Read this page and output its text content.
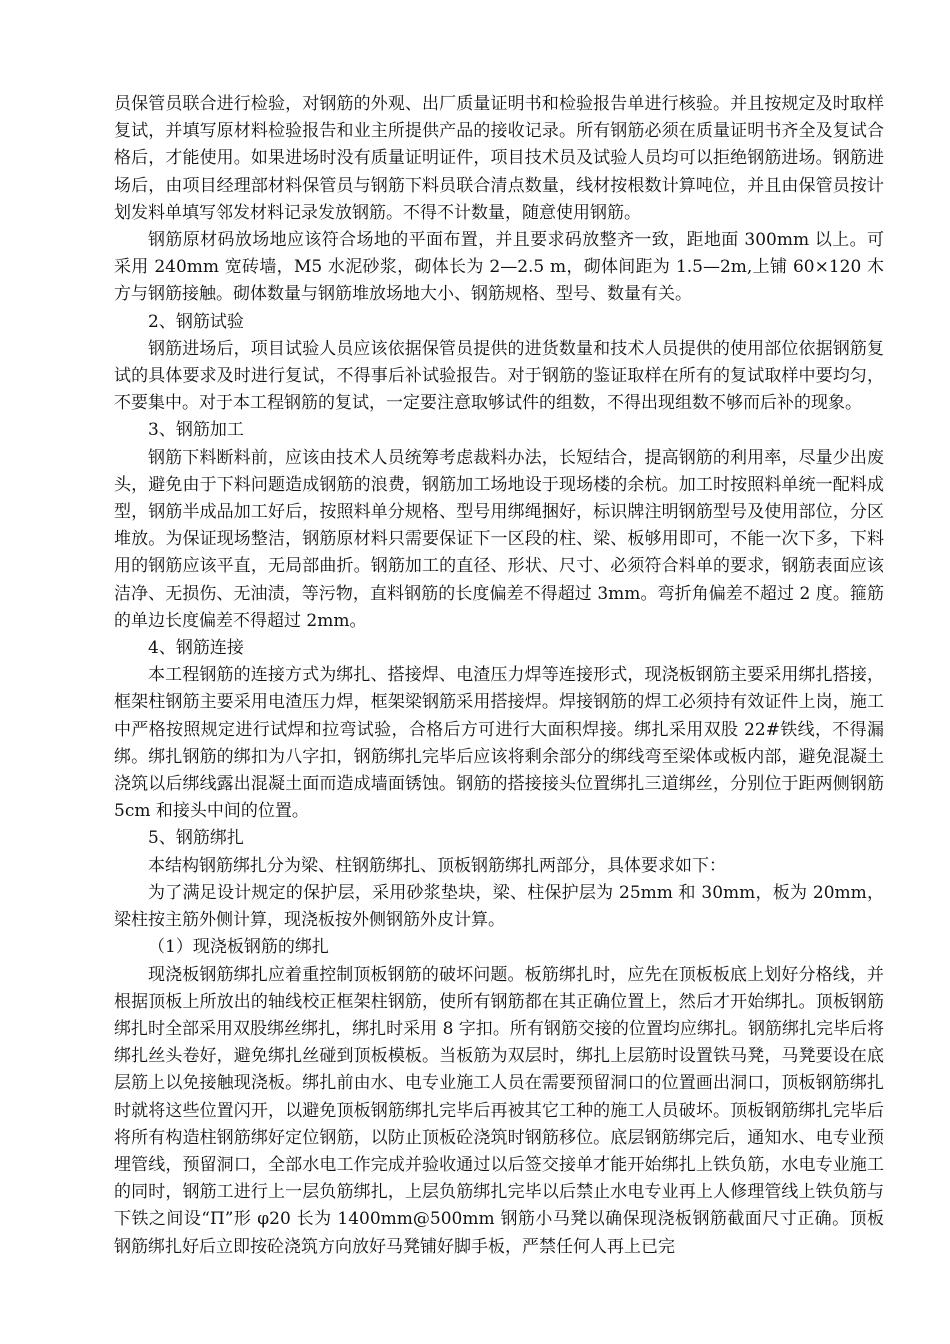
员保管员联合进行检验，对钢筋的外观、出厂质量证明书和检验报告单进行核验。并且按规定及时取样复试，并填写原材料检验报告和业主所提供产品的接收记录。所有钢筋必须在质量证明书齐全及复试合格后，才能使用。如果进场时没有质量证明证件，项目技术员及试验人员均可以拒绝钢筋进场。钢筋进场后，由项目经理部材料保管员与钢筋下料员联合清点数量，线材按根数计算吨位，并且由保管员按计划发料单填写邻发材料记录发放钢筋。不得不计数量，随意使用钢筋。

钢筋原材码放场地应该符合场地的平面布置，并且要求码放整齐一致，距地面 300mm 以上。可采用 240mm 宽砖墙，M5 水泥砂浆，砌体长为 2—2.5 m，砌体间距为 1.5—2m,上铺 60×120 木方与钢筋接触。砌体数量与钢筋堆放场地大小、钢筋规格、型号、数量有关。

2、钢筋试验

钢筋进场后，项目试验人员应该依据保管员提供的进货数量和技术人员提供的使用部位依据钢筋复试的具体要求及时进行复试，不得事后补试验报告。对于钢筋的鉴证取样在所有的复试取样中要均匀，不要集中。对于本工程钢筋的复试，一定要注意取够试件的组数，不得出现组数不够而后补的现象。

3、钢筋加工

钢筋下料断料前，应该由技术人员统筹考虑裁料办法，长短结合，提高钢筋的利用率，尽量少出废头，避免由于下料问题造成钢筋的浪费，钢筋加工场地设于现场楼的余杭。加工时按照料单统一配料成型，钢筋半成品加工好后，按照料单分规格、型号用绑绳捆好，标识牌注明钢筋型号及使用部位，分区堆放。为保证现场整洁，钢筋原材料只需要保证下一区段的柱、梁、板够用即可，不能一次下多，下料用的钢筋应该平直，无局部曲折。钢筋加工的直径、形状、尺寸、必须符合料单的要求，钢筋表面应该洁净、无损伤、无油渍，等污物，直料钢筋的长度偏差不得超过 3mm。弯折角偏差不超过 2 度。箍筋的单边长度偏差不得超过 2mm。

4、钢筋连接

本工程钢筋的连接方式为绑扎、搭接焊、电渣压力焊等连接形式，现浇板钢筋主要采用绑扎搭接，框架柱钢筋主要采用电渣压力焊，框架梁钢筋采用搭接焊。焊接钢筋的焊工必须持有效证件上岗，施工中严格按照规定进行试焊和拉弯试验，合格后方可进行大面积焊接。绑扎采用双股 22#铁线，不得漏绑。绑扎钢筋的绑扣为八字扣，钢筋绑扎完毕后应该将剩余部分的绑线弯至梁体或板内部，避免混凝土浇筑以后绑线露出混凝土面而造成墙面锈蚀。钢筋的搭接接头位置绑扎三道绑丝，分别位于距两侧钢筋 5cm 和接头中间的位置。

5、钢筋绑扎

本结构钢筋绑扎分为梁、柱钢筋绑扎、顶板钢筋绑扎两部分，具体要求如下：

为了满足设计规定的保护层，采用砂浆垫块，梁、柱保护层为 25mm 和 30mm，板为 20mm，梁柱按主筋外侧计算，现浇板按外侧钢筋外皮计算。

（1）现浇板钢筋的绑扎

现浇板钢筋绑扎应着重控制顶板钢筋的破坏问题。板筋绑扎时，应先在顶板板底上划好分格线，并根据顶板上所放出的轴线校正框架柱钢筋，使所有钢筋都在其正确位置上，然后才开始绑扎。顶板钢筋绑扎时全部采用双股绑丝绑扎，绑扎时采用 8 字扣。所有钢筋交接的位置均应绑扎。钢筋绑扎完毕后将绑扎丝头卷好，避免绑扎丝碰到顶板模板。当板筋为双层时，绑扎上层筋时设置铁马凳，马凳要设在底层筋上以免接触现浇板。绑扎前由水、电专业施工人员在需要预留洞口的位置画出洞口，顶板钢筋绑扎时就将这些位置闪开，以避免顶板钢筋绑扎完毕后再被其它工种的施工人员破坏。顶板钢筋绑扎完毕后将所有构造柱钢筋绑好定位钢筋，以防止顶板砼浇筑时钢筋移位。底层钢筋绑完后，通知水、电专业预埋管线，预留洞口，全部水电工作完成并验收通过以后签交接单才能开始绑扎上铁负筋，水电专业施工的同时，钢筋工进行上一层负筋绑扎，上层负筋绑扎完毕以后禁止水电专业再上人修理管线上铁负筋与下铁之间设“Π”形 φ20 长为 1400mm@500mm 钢筋小马凳以确保现浇板钢筋截面尺寸正确。顶板钢筋绑扎好后立即按砼浇筑方向放好马凳铺好脚手板，严禁任何人再上已完
